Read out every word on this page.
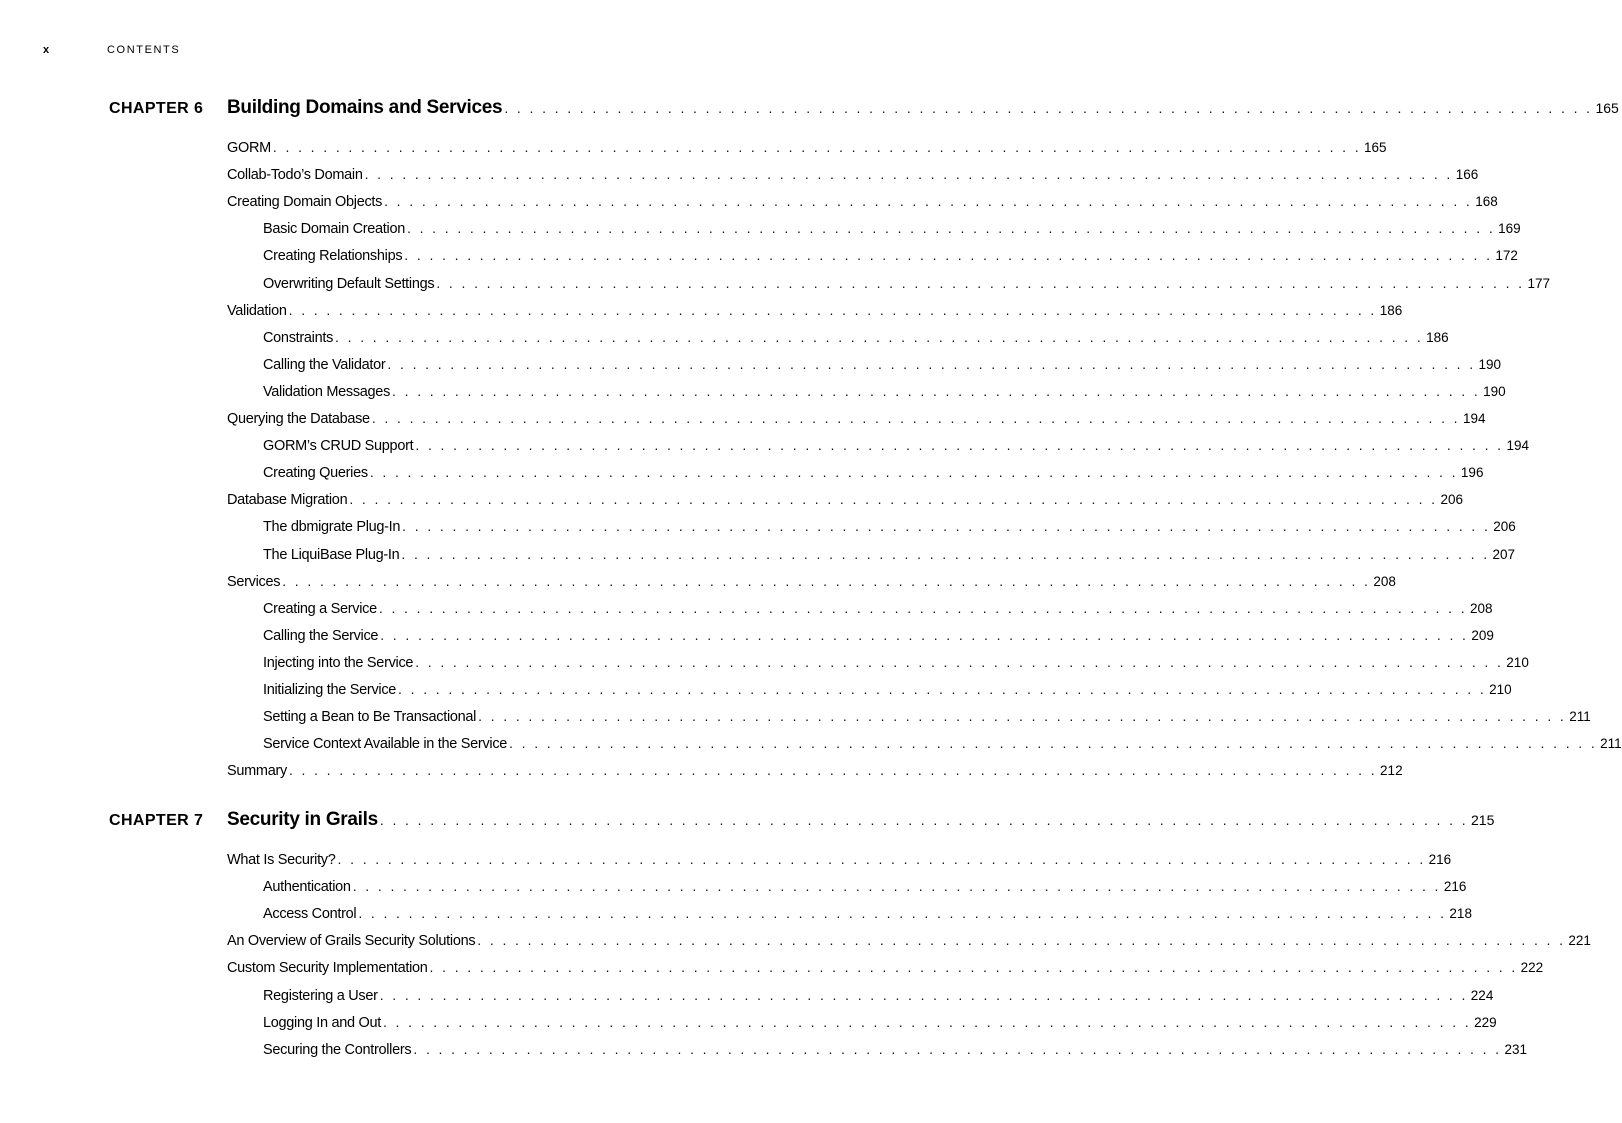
x	CONTENTS
CHAPTER 6 Building Domains and Services . . . . . . . . . . . . . . . . . . . . . . . . . . . . . . . . . . . . . . . . . . . . . . . . . . . . . . . . . . . . . . . . . . . . . . . . . . . . . . . . . . . . . . . 165
GORM . . . . . . . . . . . . . . . . . . . . . . . . . . . . . . . . . . . . . . . . . . . . . . . . . . . . . . . . . . . . . . . . . . . . . . . . . . . . . . . . . . . . . . . 165
Collab-Todo’s Domain . . . . . . . . . . . . . . . . . . . . . . . . . . . . . . . . . . . . . . . . . . . . . . . . . . . . . . . . . . . . . . . . . . . . . . . . . . . . . . . . . . . . . . . 166
Creating Domain Objects . . . . . . . . . . . . . . . . . . . . . . . . . . . . . . . . . . . . . . . . . . . . . . . . . . . . . . . . . . . . . . . . . . . . . . . . . . . . . . . . . . . . . . . 168
Basic Domain Creation . . . . . . . . . . . . . . . . . . . . . . . . . . . . . . . . . . . . . . . . . . . . . . . . . . . . . . . . . . . . . . . . . . . . . . . . . . . . . . . . . . . . . . . 169
Creating Relationships . . . . . . . . . . . . . . . . . . . . . . . . . . . . . . . . . . . . . . . . . . . . . . . . . . . . . . . . . . . . . . . . . . . . . . . . . . . . . . . . . . . . . . . 172
Overwriting Default Settings . . . . . . . . . . . . . . . . . . . . . . . . . . . . . . . . . . . . . . . . . . . . . . . . . . . . . . . . . . . . . . . . . . . . . . . . . . . . . . . . . . . . . . . 177
Validation . . . . . . . . . . . . . . . . . . . . . . . . . . . . . . . . . . . . . . . . . . . . . . . . . . . . . . . . . . . . . . . . . . . . . . . . . . . . . . . . . . . . . . . 186
Constraints . . . . . . . . . . . . . . . . . . . . . . . . . . . . . . . . . . . . . . . . . . . . . . . . . . . . . . . . . . . . . . . . . . . . . . . . . . . . . . . . . . . . . . . 186
Calling the Validator . . . . . . . . . . . . . . . . . . . . . . . . . . . . . . . . . . . . . . . . . . . . . . . . . . . . . . . . . . . . . . . . . . . . . . . . . . . . . . . . . . . . . . . 190
Validation Messages . . . . . . . . . . . . . . . . . . . . . . . . . . . . . . . . . . . . . . . . . . . . . . . . . . . . . . . . . . . . . . . . . . . . . . . . . . . . . . . . . . . . . . . 190
Querying the Database . . . . . . . . . . . . . . . . . . . . . . . . . . . . . . . . . . . . . . . . . . . . . . . . . . . . . . . . . . . . . . . . . . . . . . . . . . . . . . . . . . . . . . . 194
GORM’s CRUD Support . . . . . . . . . . . . . . . . . . . . . . . . . . . . . . . . . . . . . . . . . . . . . . . . . . . . . . . . . . . . . . . . . . . . . . . . . . . . . . . . . . . . . . . 194
Creating Queries . . . . . . . . . . . . . . . . . . . . . . . . . . . . . . . . . . . . . . . . . . . . . . . . . . . . . . . . . . . . . . . . . . . . . . . . . . . . . . . . . . . . . . . 196
Database Migration . . . . . . . . . . . . . . . . . . . . . . . . . . . . . . . . . . . . . . . . . . . . . . . . . . . . . . . . . . . . . . . . . . . . . . . . . . . . . . . . . . . . . . . 206
The dbmigrate Plug-In . . . . . . . . . . . . . . . . . . . . . . . . . . . . . . . . . . . . . . . . . . . . . . . . . . . . . . . . . . . . . . . . . . . . . . . . . . . . . . . . . . . . . . . 206
The LiquiBase Plug-In . . . . . . . . . . . . . . . . . . . . . . . . . . . . . . . . . . . . . . . . . . . . . . . . . . . . . . . . . . . . . . . . . . . . . . . . . . . . . . . . . . . . . . . 207
Services . . . . . . . . . . . . . . . . . . . . . . . . . . . . . . . . . . . . . . . . . . . . . . . . . . . . . . . . . . . . . . . . . . . . . . . . . . . . . . . . . . . . . . . 208
Creating a Service . . . . . . . . . . . . . . . . . . . . . . . . . . . . . . . . . . . . . . . . . . . . . . . . . . . . . . . . . . . . . . . . . . . . . . . . . . . . . . . . . . . . . . . 208
Calling the Service . . . . . . . . . . . . . . . . . . . . . . . . . . . . . . . . . . . . . . . . . . . . . . . . . . . . . . . . . . . . . . . . . . . . . . . . . . . . . . . . . . . . . . . 209
Injecting into the Service . . . . . . . . . . . . . . . . . . . . . . . . . . . . . . . . . . . . . . . . . . . . . . . . . . . . . . . . . . . . . . . . . . . . . . . . . . . . . . . . . . . . . . . 210
Initializing the Service . . . . . . . . . . . . . . . . . . . . . . . . . . . . . . . . . . . . . . . . . . . . . . . . . . . . . . . . . . . . . . . . . . . . . . . . . . . . . . . . . . . . . . . 210
Setting a Bean to Be Transactional . . . . . . . . . . . . . . . . . . . . . . . . . . . . . . . . . . . . . . . . . . . . . . . . . . . . . . . . . . . . . . . . . . . . . . . . . . . . . . . . . . . . . . . 211
Service Context Available in the Service . . . . . . . . . . . . . . . . . . . . . . . . . . . . . . . . . . . . . . . . . . . . . . . . . . . . . . . . . . . . . . . . . . . . . . . . . . . . . . . . . . . . . . . 211
Summary . . . . . . . . . . . . . . . . . . . . . . . . . . . . . . . . . . . . . . . . . . . . . . . . . . . . . . . . . . . . . . . . . . . . . . . . . . . . . . . . . . . . . . . 212
CHAPTER 7 Security in Grails . . . . . . . . . . . . . . . . . . . . . . . . . . . . . . . . . . . . . . . . . . . . . . . . . . . . . . . . . . . . . . . . . . . . . . . . . . . . . . . . . . . . . . . 215
What Is Security? . . . . . . . . . . . . . . . . . . . . . . . . . . . . . . . . . . . . . . . . . . . . . . . . . . . . . . . . . . . . . . . . . . . . . . . . . . . . . . . . . . . . . . . 216
Authentication . . . . . . . . . . . . . . . . . . . . . . . . . . . . . . . . . . . . . . . . . . . . . . . . . . . . . . . . . . . . . . . . . . . . . . . . . . . . . . . . . . . . . . . 216
Access Control . . . . . . . . . . . . . . . . . . . . . . . . . . . . . . . . . . . . . . . . . . . . . . . . . . . . . . . . . . . . . . . . . . . . . . . . . . . . . . . . . . . . . . . 218
An Overview of Grails Security Solutions . . . . . . . . . . . . . . . . . . . . . . . . . . . . . . . . . . . . . . . . . . . . . . . . . . . . . . . . . . . . . . . . . . . . . . . . . . . . . . . . . . . . . . . 221
Custom Security Implementation . . . . . . . . . . . . . . . . . . . . . . . . . . . . . . . . . . . . . . . . . . . . . . . . . . . . . . . . . . . . . . . . . . . . . . . . . . . . . . . . . . . . . . . 222
Registering a User . . . . . . . . . . . . . . . . . . . . . . . . . . . . . . . . . . . . . . . . . . . . . . . . . . . . . . . . . . . . . . . . . . . . . . . . . . . . . . . . . . . . . . . 224
Logging In and Out . . . . . . . . . . . . . . . . . . . . . . . . . . . . . . . . . . . . . . . . . . . . . . . . . . . . . . . . . . . . . . . . . . . . . . . . . . . . . . . . . . . . . . . 229
Securing the Controllers . . . . . . . . . . . . . . . . . . . . . . . . . . . . . . . . . . . . . . . . . . . . . . . . . . . . . . . . . . . . . . . . . . . . . . . . . . . . . . . . . . . . . . . 231
